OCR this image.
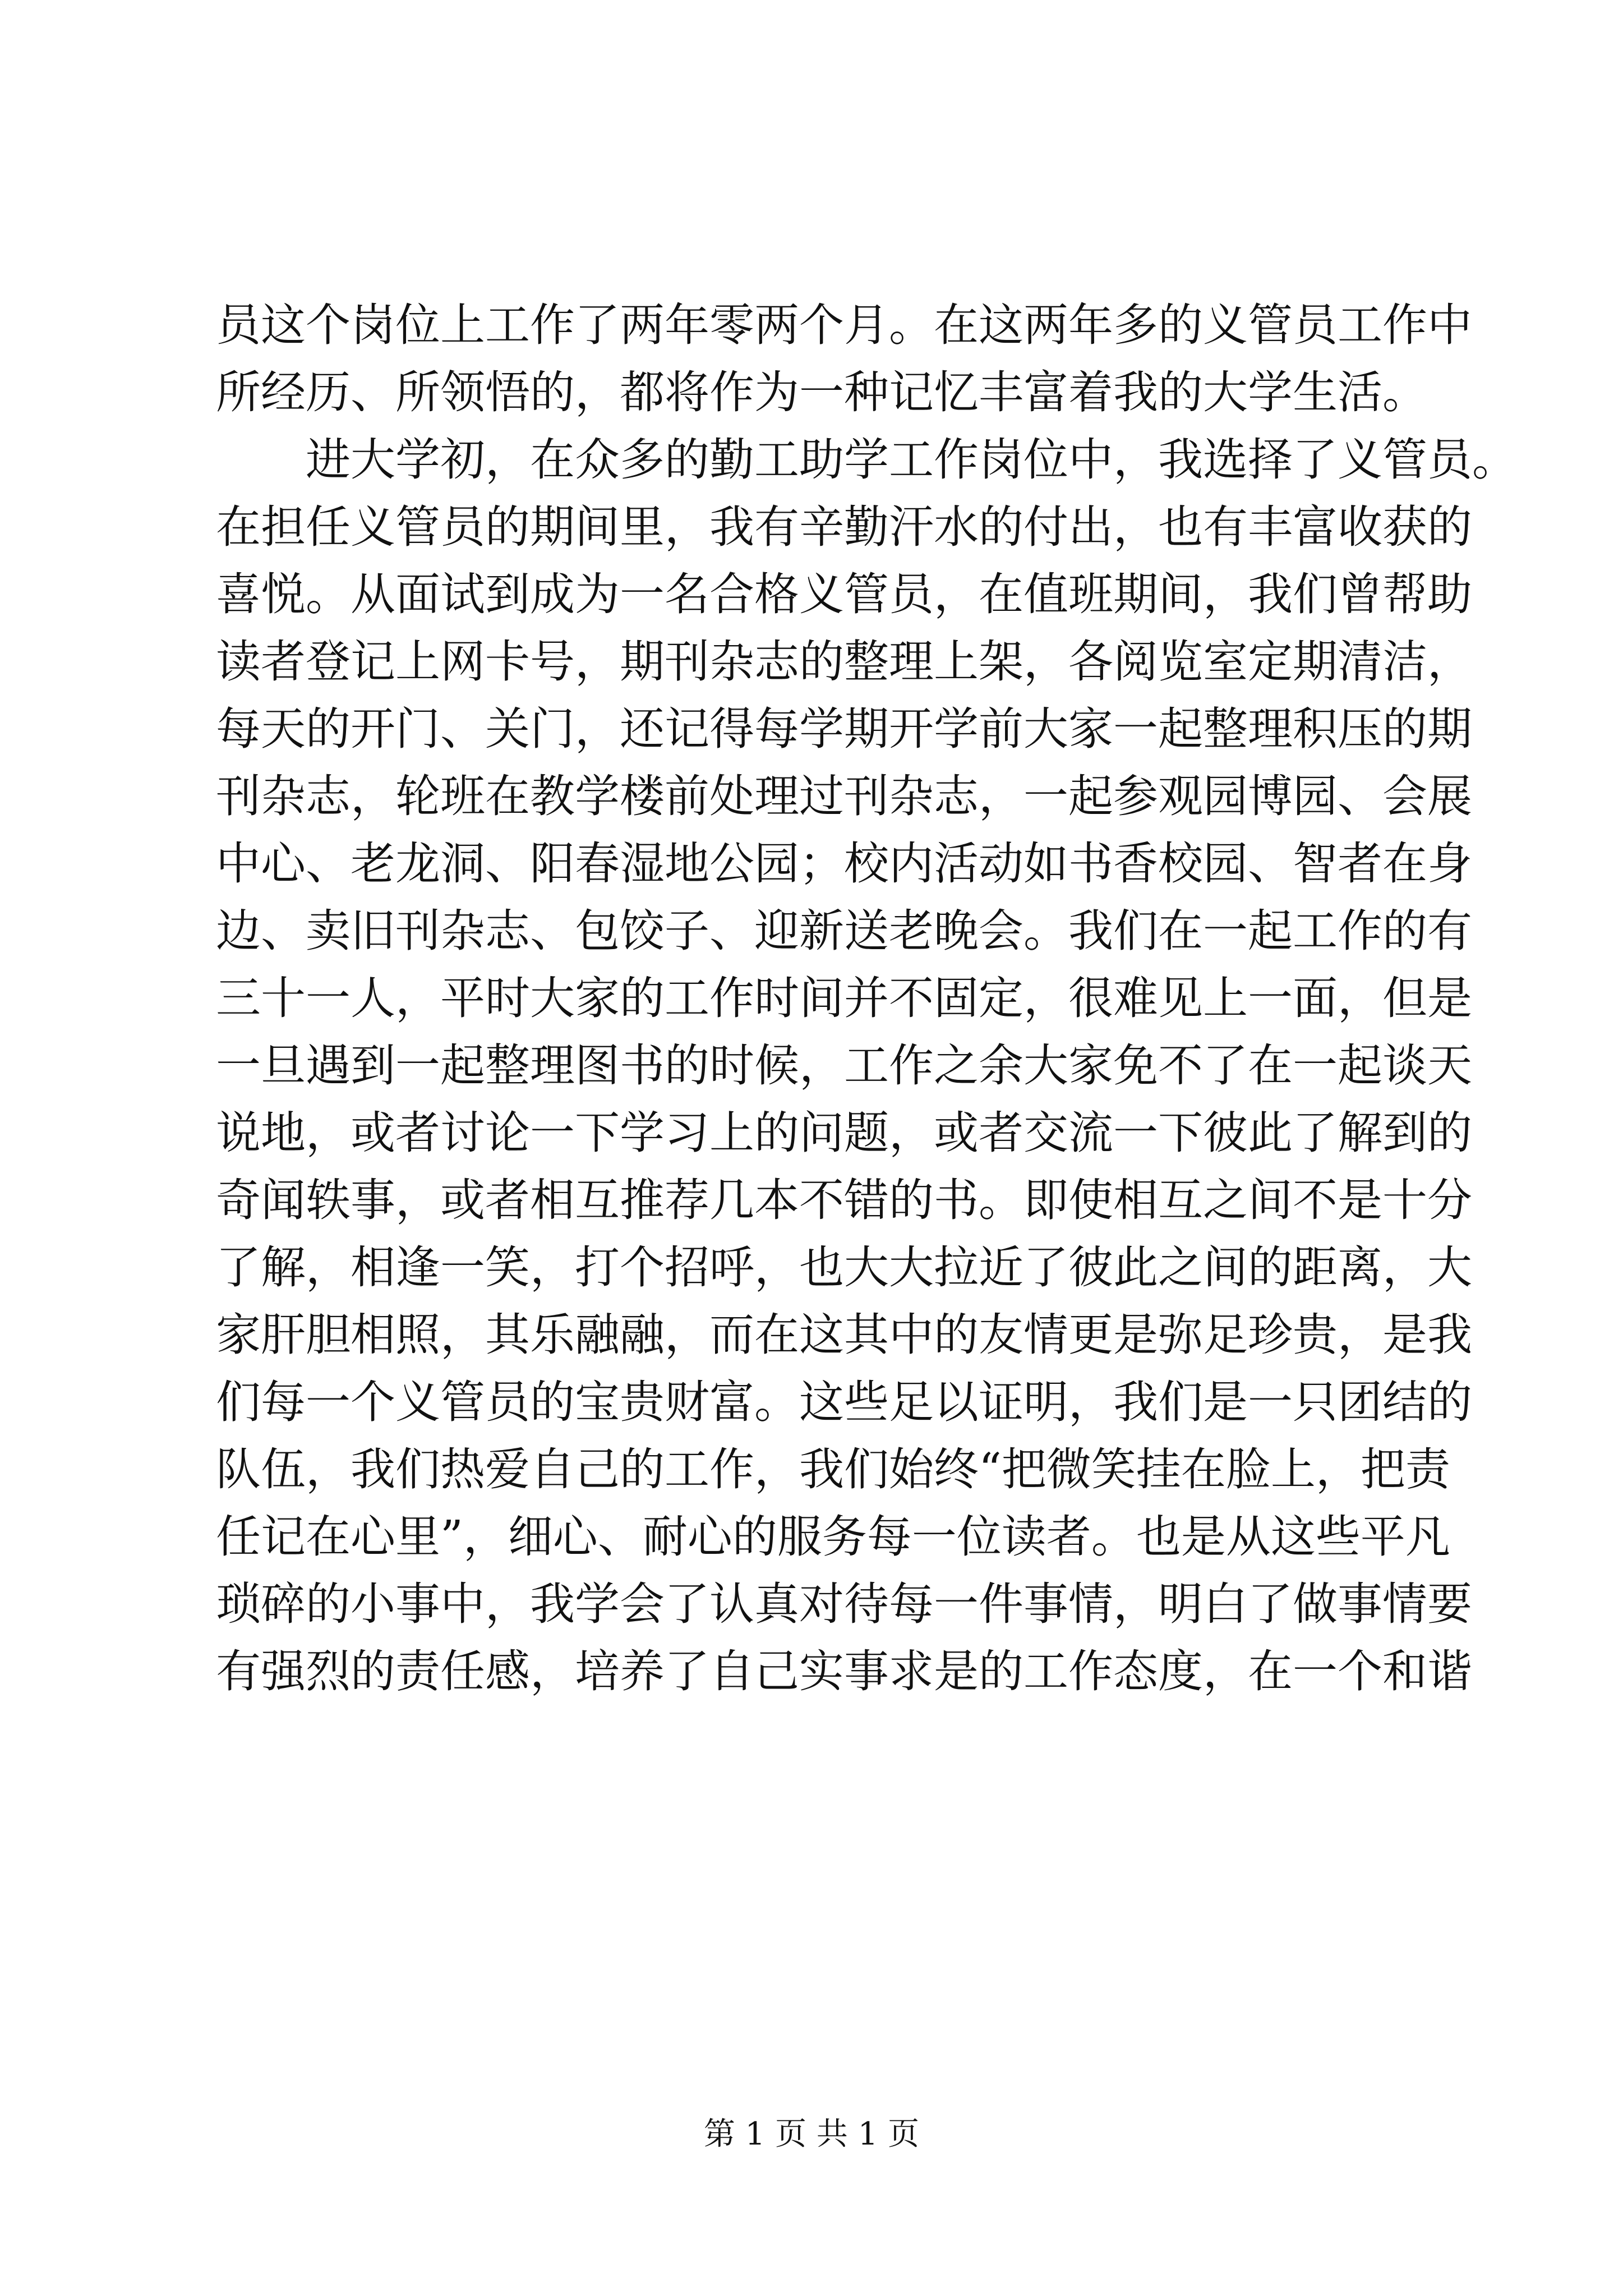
员这个岗位上工作了两年零两个月。在这两年多的义管员工作中
所经历、所领悟的，都将作为一种记忆丰富着我的大学生活。
进大学初，在众多的勤工助学工作岗位中，我选择了义管员。
在担任义管员的期间里，我有辛勤汗水的付出，也有丰富收获的
喜悦。从面试到成为一名合格义管员，在值班期间，我们曾帮助
读者登记上网卡号，期刊杂志的整理上架，各阅览室定期清洁，
每天的开门、关门，还记得每学期开学前大家一起整理积压的期
刊杂志，轮班在教学楼前处理过刊杂志，一起参观园博园、会展
中心、老龙洞、阳春湿地公园；校内活动如书香校园、智者在身
边、卖旧刊杂志、包饺子、迎新送老晚会。我们在一起工作的有
三十一人，平时大家的工作时间并不固定，很难见上一面，但是
一旦遇到一起整理图书的时候，工作之余大家免不了在一起谈天
说地，或者讨论一下学习上的问题，或者交流一下彼此了解到的
奇闻轶事，或者相互推荐几本不错的书。即使相互之间不是十分
了解，相逢一笑，打个招呼，也大大拉近了彼此之间的距离，大
家肝胆相照，其乐融融，而在这其中的友情更是弥足珍贵，是我
们每一个义管员的宝贵财富。这些足以证明，我们是一只团结的
队伍，我们热爱自己的工作，我们始终“把微笑挂在脸上，把责
任记在心里”，细心、耐心的服务每一位读者。也是从这些平凡
琐碎的小事中，我学会了认真对待每一件事情，明白了做事情要
有强烈的责任感，培养了自己实事求是的工作态度，在一个和谐
第 1 页 共 1 页
